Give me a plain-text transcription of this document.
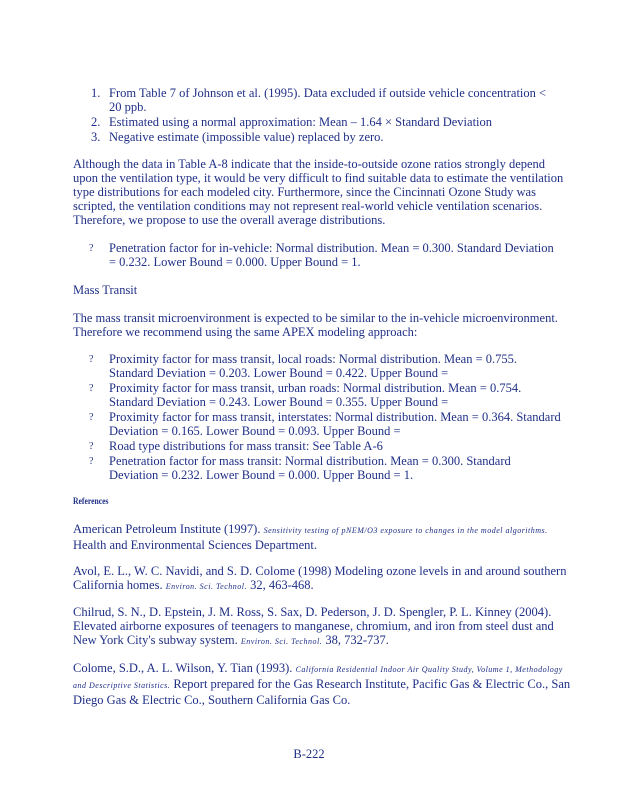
1. From Table 7 of Johnson et al. (1995). Data excluded if outside vehicle concentration < 20 ppb.
2. Estimated using a normal approximation: Mean – 1.64 × Standard Deviation
3. Negative estimate (impossible value) replaced by zero.

Although the data in Table A-8 indicate that the inside-to-outside ozone ratios strongly depend upon the ventilation type, it would be very difficult to find suitable data to estimate the ventilation type distributions for each modeled city. Furthermore, since the Cincinnati Ozone Study was scripted, the ventilation conditions may not represent real-world vehicle ventilation scenarios. Therefore, we propose to use the overall average distributions.

? Penetration factor for in-vehicle: Normal distribution. Mean = 0.300. Standard Deviation = 0.232. Lower Bound = 0.000. Upper Bound = 1.

Mass Transit

The mass transit microenvironment is expected to be similar to the in-vehicle microenvironment. Therefore we recommend using the same APEX modeling approach:

? Proximity factor for mass transit, local roads: Normal distribution. Mean = 0.755. Standard Deviation = 0.203. Lower Bound = 0.422. Upper Bound =
? Proximity factor for mass transit, urban roads: Normal distribution. Mean = 0.754. Standard Deviation = 0.243. Lower Bound = 0.355. Upper Bound =
? Proximity factor for mass transit, interstates: Normal distribution. Mean = 0.364. Standard Deviation = 0.165. Lower Bound = 0.093. Upper Bound =
? Road type distributions for mass transit: See Table A-6
? Penetration factor for mass transit: Normal distribution. Mean = 0.300. Standard Deviation = 0.232. Lower Bound = 0.000. Upper Bound = 1.

References

American Petroleum Institute (1997). Sensitivity testing of pNEM/O3 exposure to changes in the model algorithms. Health and Environmental Sciences Department.

Avol, E. L., W. C. Navidi, and S. D. Colome (1998) Modeling ozone levels in and around southern California homes. Environ. Sci. Technol. 32, 463-468.

Chilrud, S. N., D. Epstein, J. M. Ross, S. Sax, D. Pederson, J. D. Spengler, P. L. Kinney (2004). Elevated airborne exposures of teenagers to manganese, chromium, and iron from steel dust and New York City's subway system. Environ. Sci. Technol. 38, 732-737.

Colome, S.D., A. L. Wilson, Y. Tian (1993). California Residential Indoor Air Quality Study, Volume 1, Methodology and Descriptive Statistics. Report prepared for the Gas Research Institute, Pacific Gas & Electric Co., San Diego Gas & Electric Co., Southern California Gas Co.

B-222
